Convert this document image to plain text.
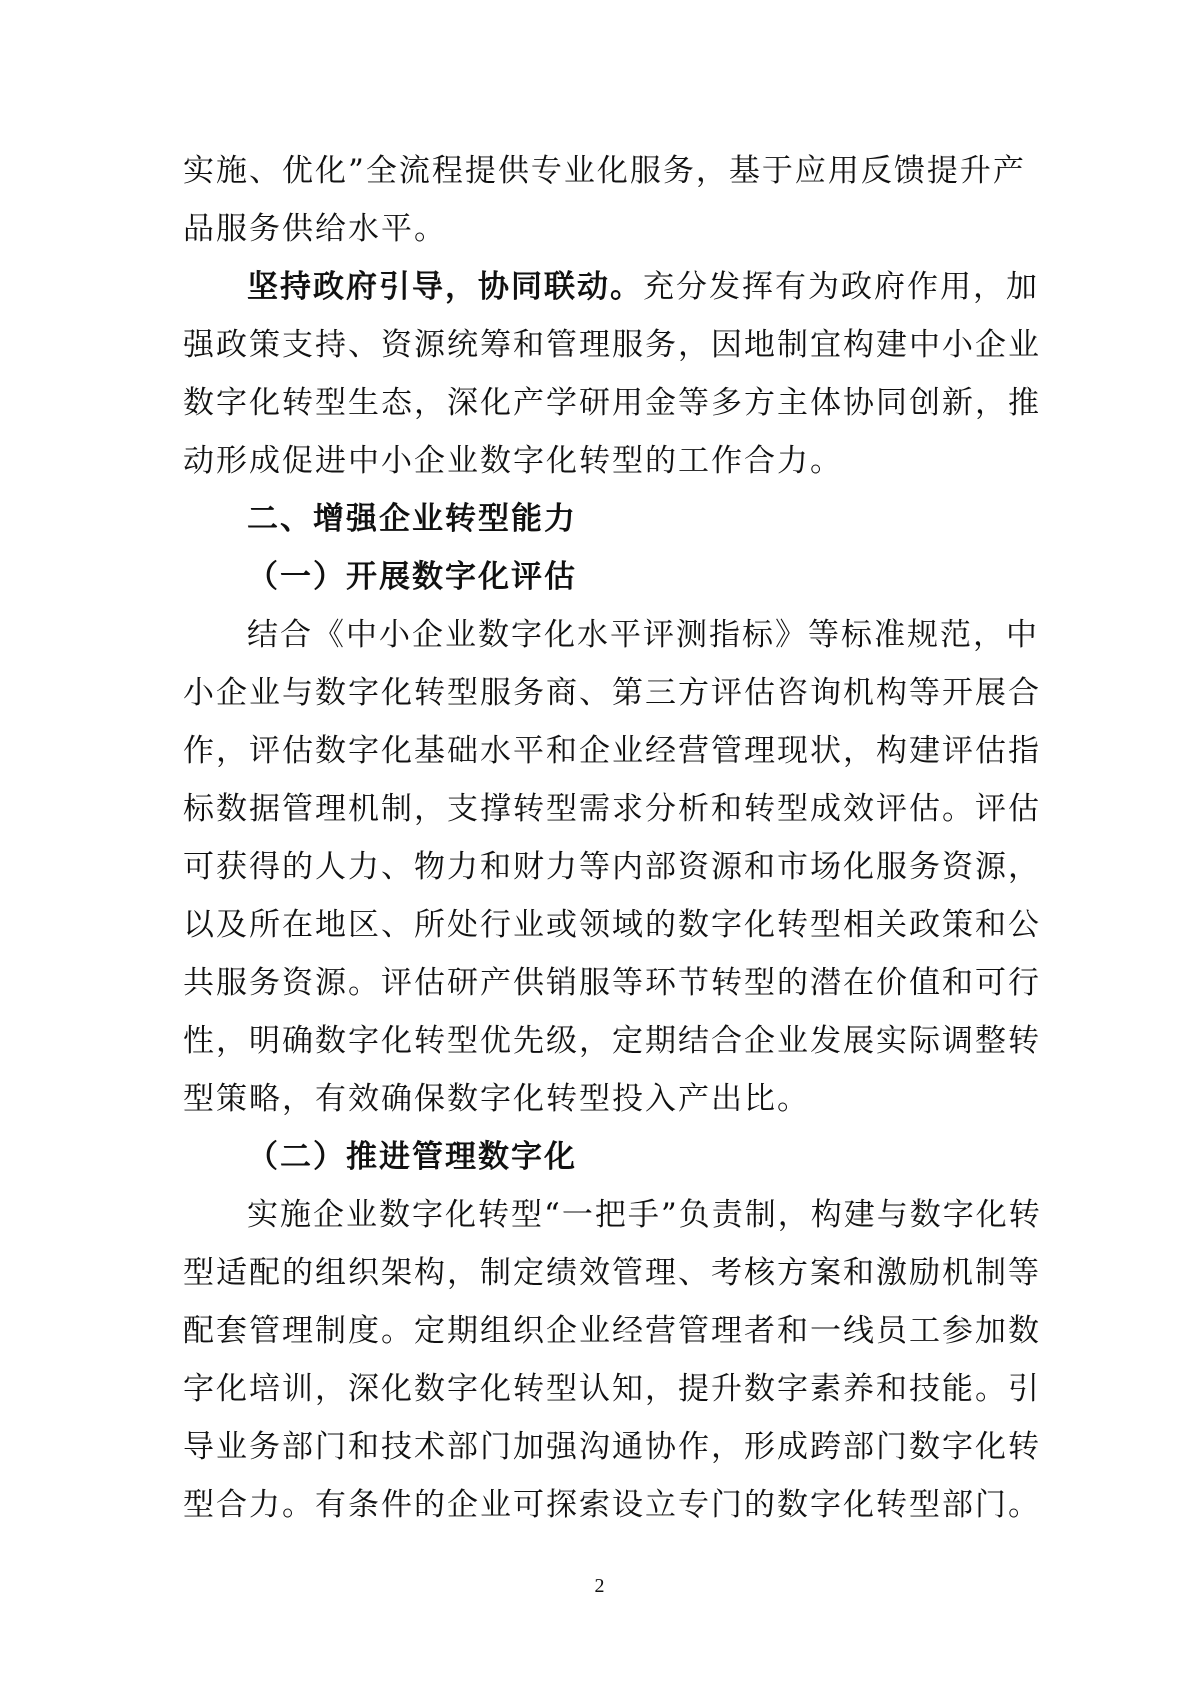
实施、优化”全流程提供专业化服务，基于应用反馈提升产
品服务供给水平。
坚持政府引导，协同联动。充分发挥有为政府作用，加
强政策支持、资源统筹和管理服务，因地制宜构建中小企业
数字化转型生态，深化产学研用金等多方主体协同创新，推
动形成促进中小企业数字化转型的工作合力。
二、增强企业转型能力
（一）开展数字化评估
结合《中小企业数字化水平评测指标》等标准规范，中
小企业与数字化转型服务商、第三方评估咨询机构等开展合
作，评估数字化基础水平和企业经营管理现状，构建评估指
标数据管理机制，支撑转型需求分析和转型成效评估。评估
可获得的人力、物力和财力等内部资源和市场化服务资源，
以及所在地区、所处行业或领域的数字化转型相关政策和公
共服务资源。评估研产供销服等环节转型的潜在价值和可行
性，明确数字化转型优先级，定期结合企业发展实际调整转
型策略，有效确保数字化转型投入产出比。
（二）推进管理数字化
实施企业数字化转型“一把手”负责制，构建与数字化转
型适配的组织架构，制定绩效管理、考核方案和激励机制等
配套管理制度。定期组织企业经营管理者和一线员工参加数
字化培训，深化数字化转型认知，提升数字素养和技能。引
导业务部门和技术部门加强沟通协作，形成跨部门数字化转
型合力。有条件的企业可探索设立专门的数字化转型部门。
2
